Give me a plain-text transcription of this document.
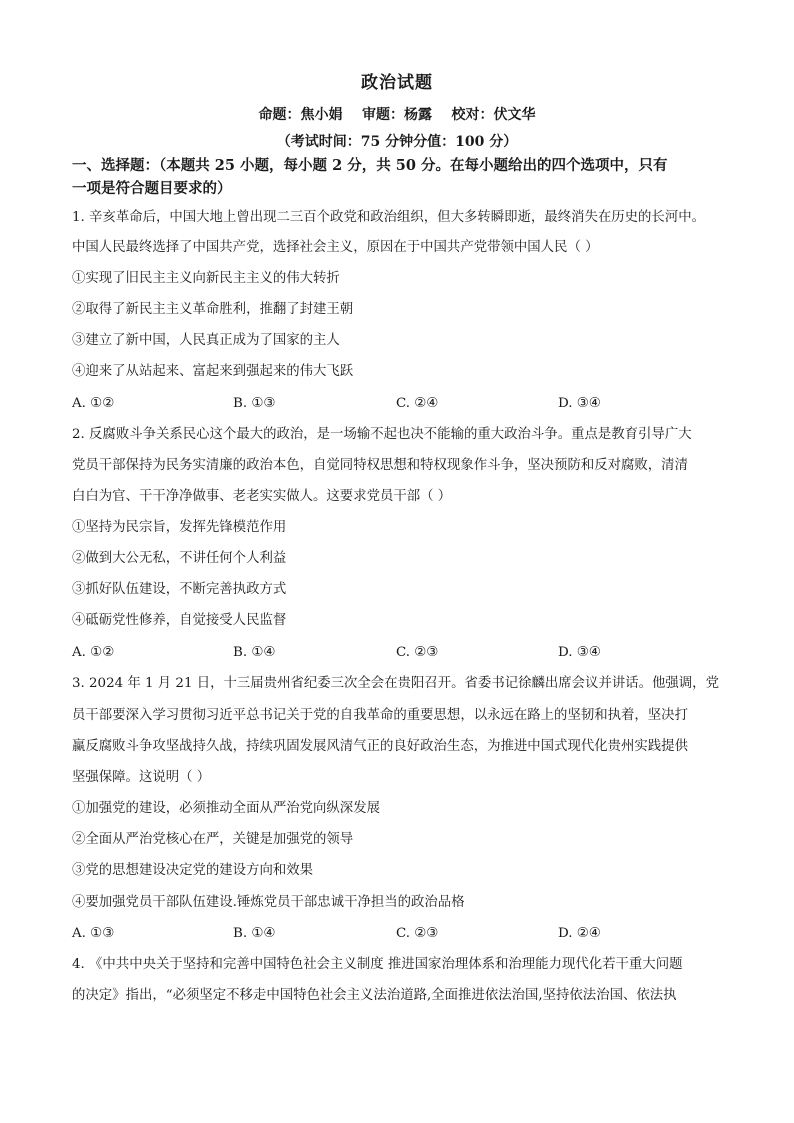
政治试题
命题：焦小娟    审题：杨露    校对：伏文华
（考试时间：75 分钟分值：100 分）
一、选择题：（本题共 25 小题，每小题 2 分，共 50 分。在每小题给出的四个选项中，只有
一项是符合题目要求的）
1. 辛亥革命后，中国大地上曾出现二三百个政党和政治组织，但大多转瞬即逝，最终消失在历史的长河中。
中国人民最终选择了中国共产党，选择社会主义，原因在于中国共产党带领中国人民（ ）
①实现了旧民主主义向新民主主义的伟大转折
②取得了新民主主义革命胜利，推翻了封建王朝
③建立了新中国，人民真正成为了国家的主人
④迎来了从站起来、富起来到强起来的伟大飞跃
A. ①②	B. ①③	C. ②④	D. ③④
2. 反腐败斗争关系民心这个最大的政治，是一场输不起也决不能输的重大政治斗争。重点是教育引导广大
党员干部保持为民务实清廉的政治本色，自觉同特权思想和特权现象作斗争，坚决预防和反对腐败，清清
白白为官、干干净净做事、老老实实做人。这要求党员干部（ ）
①坚持为民宗旨，发挥先锋模范作用
②做到大公无私，不讲任何个人利益
③抓好队伍建设，不断完善执政方式
④砥砺党性修养，自觉接受人民监督
A. ①②	B. ①④	C. ②③	D. ③④
3. 2024 年 1 月 21 日，十三届贵州省纪委三次全会在贵阳召开。省委书记徐麟出席会议并讲话。他强调，党
员干部要深入学习贯彻习近平总书记关于党的自我革命的重要思想，以永远在路上的坚韧和执着，坚决打
赢反腐败斗争攻坚战持久战，持续巩固发展风清气正的良好政治生态，为推进中国式现代化贵州实践提供
坚强保障。这说明（ ）
①加强党的建设，必须推动全面从严治党向纵深发展
②全面从严治党核心在严，关键是加强党的领导
③党的思想建设决定党的建设方向和效果
④要加强党员干部队伍建设.锤炼党员干部忠诚干净担当的政治品格
A. ①③	B. ①④	C. ②③	D. ②④
4. 《中共中央关于坚持和完善中国特色社会主义制度 推进国家治理体系和治理能力现代化若干重大问题
的决定》指出，“必须坚定不移走中国特色社会主义法治道路,全面推进依法治国,坚持依法治国、依法执
